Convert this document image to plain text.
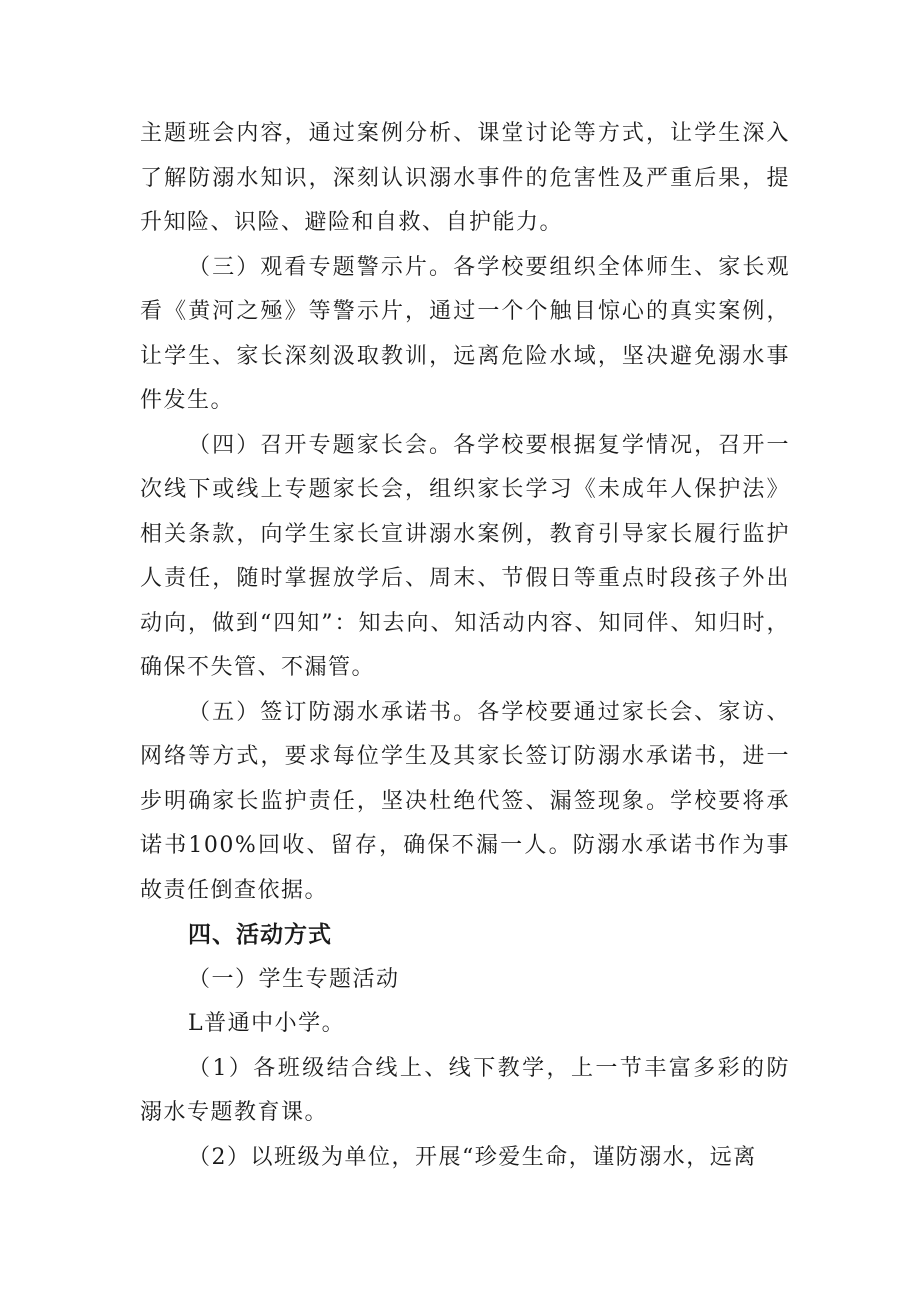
主题班会内容，通过案例分析、课堂讨论等方式，让学生深入了解防溺水知识，深刻认识溺水事件的危害性及严重后果，提升知险、识险、避险和自救、自护能力。

（三）观看专题警示片。各学校要组织全体师生、家长观看《黄河之殛》等警示片，通过一个个触目惊心的真实案例，让学生、家长深刻汲取教训，远离危险水域，坚决避免溺水事件发生。

（四）召开专题家长会。各学校要根据复学情况，召开一次线下或线上专题家长会，组织家长学习《未成年人保护法》相关条款，向学生家长宣讲溺水案例，教育引导家长履行监护人责任，随时掌握放学后、周末、节假日等重点时段孩子外出动向，做到“四知”：知去向、知活动内容、知同伴、知归时，确保不失管、不漏管。

（五）签订防溺水承诺书。各学校要通过家长会、家访、网络等方式，要求每位学生及其家长签订防溺水承诺书，进一步明确家长监护责任，坚决杜绝代签、漏签现象。学校要将承诺书100%回收、留存，确保不漏一人。防溺水承诺书作为事故责任倒查依据。

四、活动方式

（一）学生专题活动

L普通中小学。

（1）各班级结合线上、线下教学，上一节丰富多彩的防溺水专题教育课。

（2）以班级为单位，开展“珍爱生命，谨防溺水，远离
